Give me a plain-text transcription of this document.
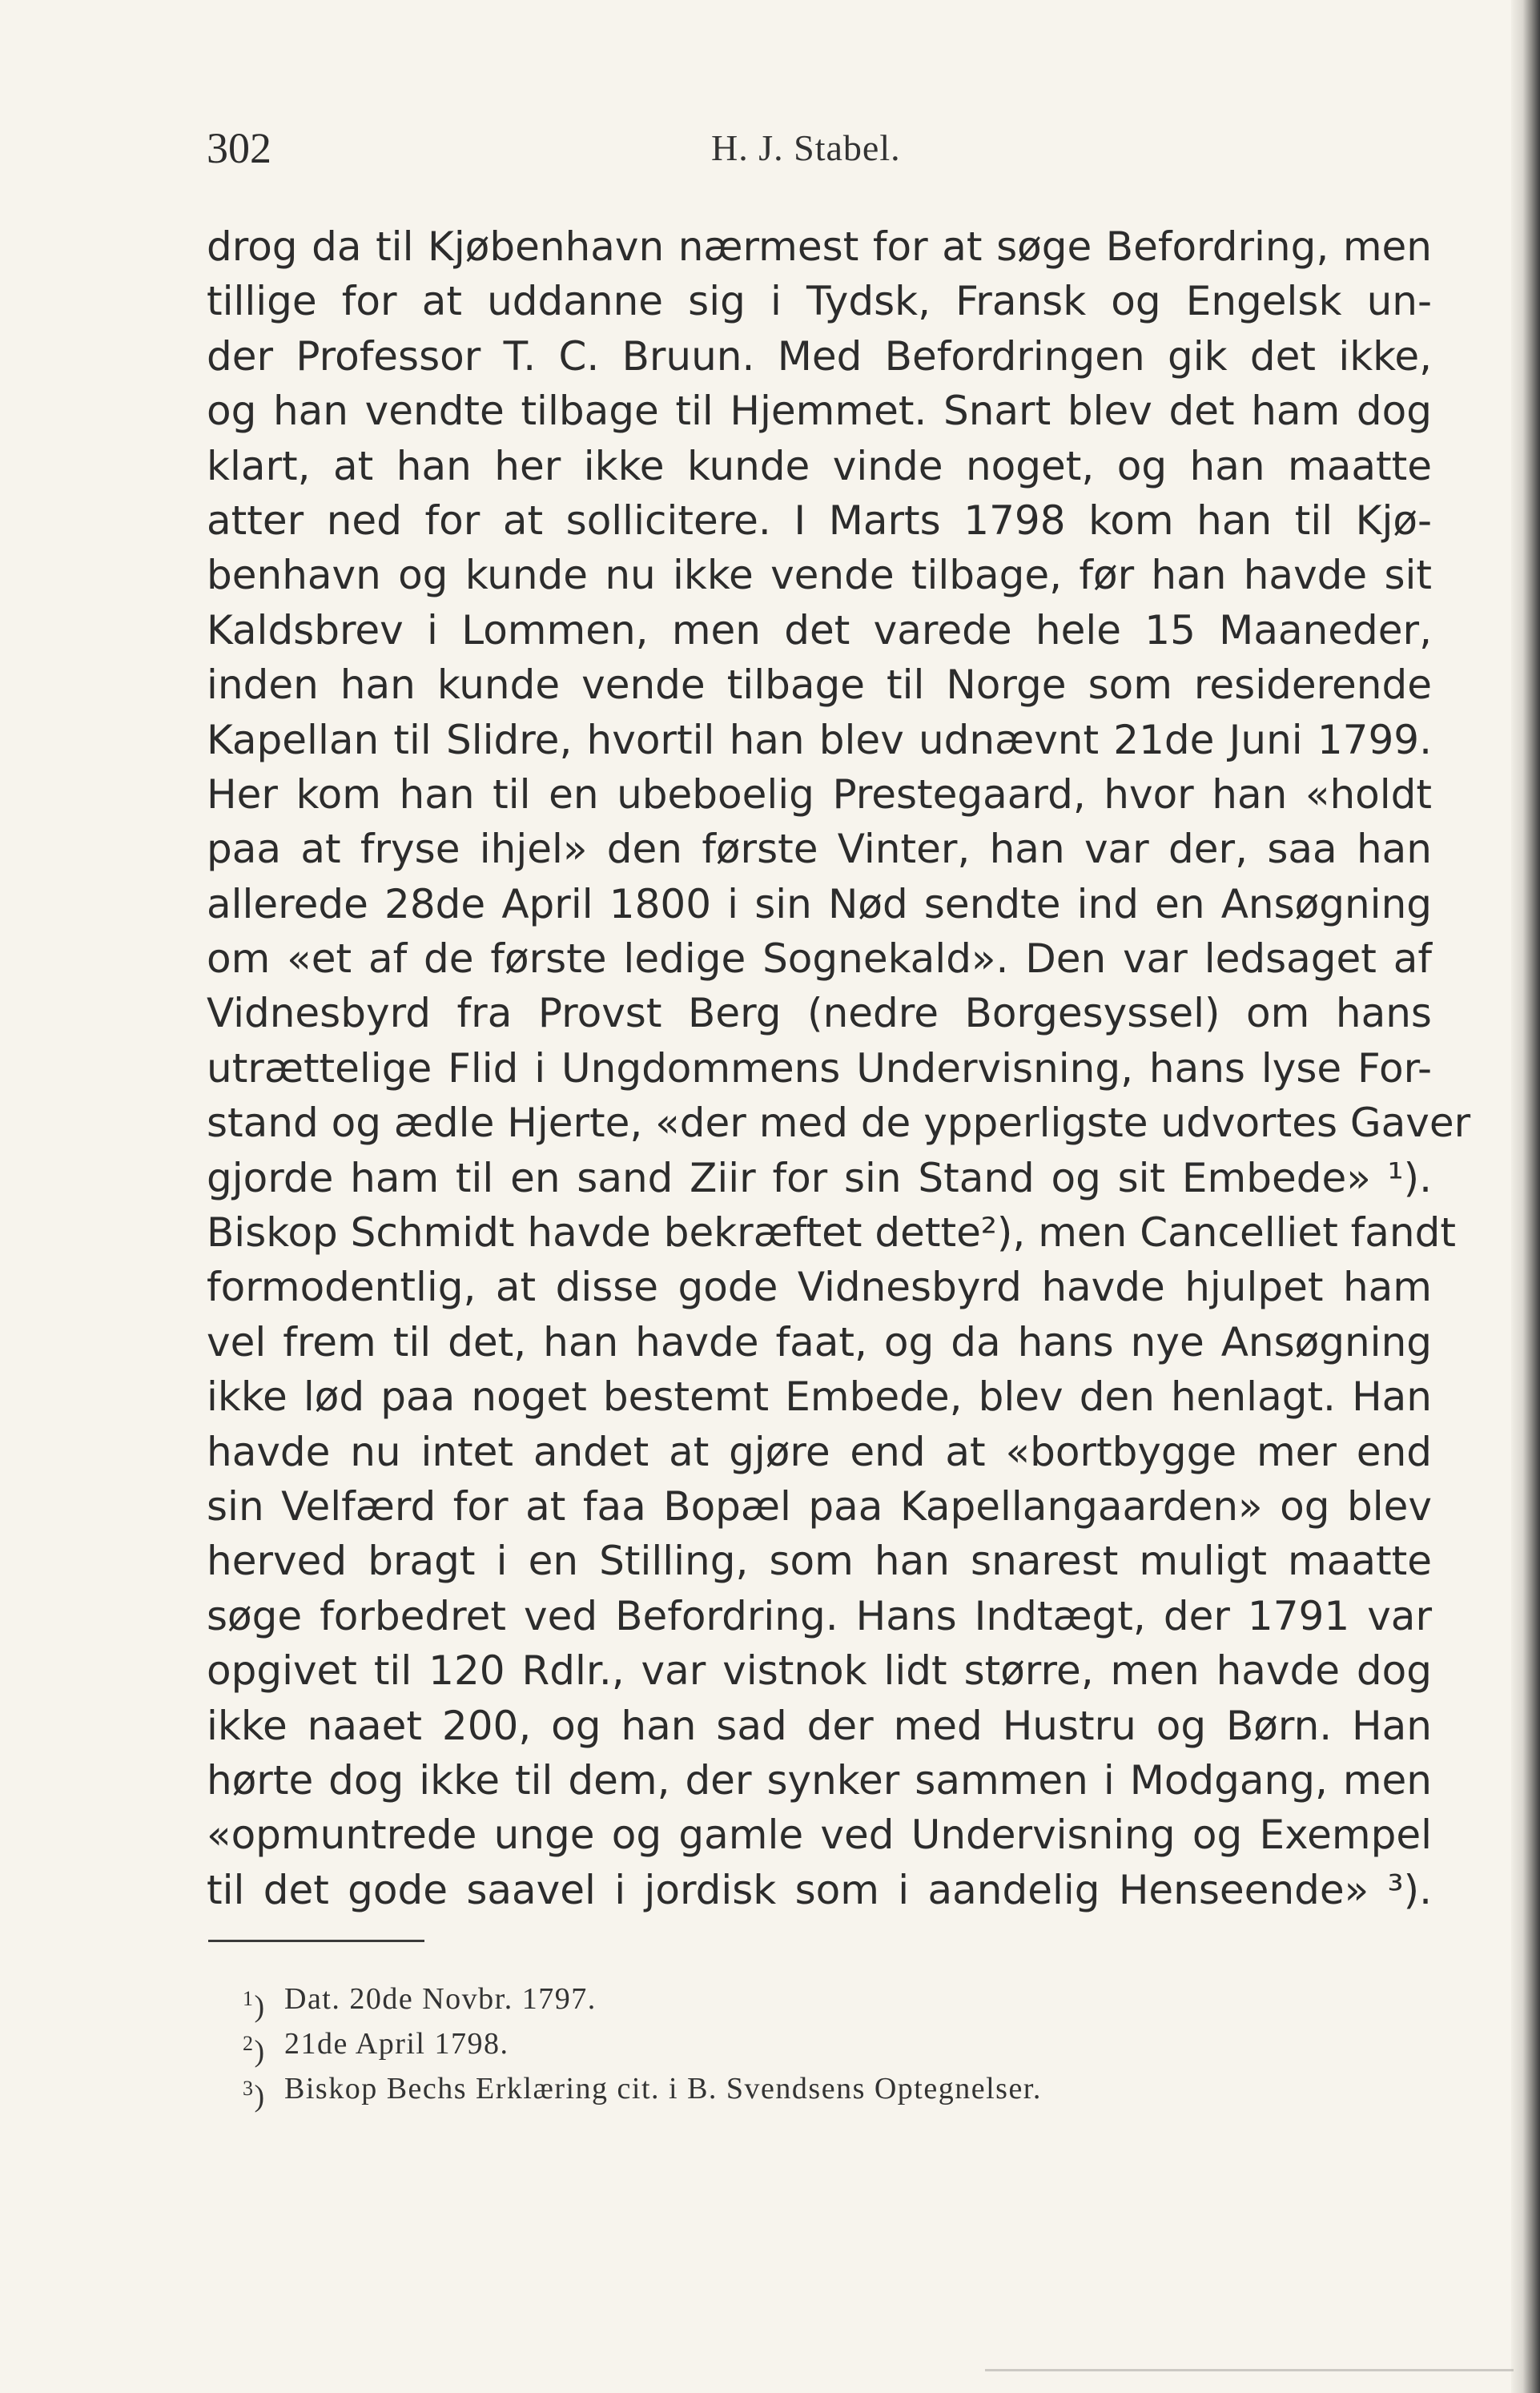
302	H. J. Stabel.
drog da til Kjøbenhavn nærmest for at søge Befordring, men
tillige for at uddanne sig i Tydsk, Fransk og Engelsk un-
der Professor T. C. Bruun. Med Befordringen gik det ikke,
og han vendte tilbage til Hjemmet. Snart blev det ham dog
klart, at han her ikke kunde vinde noget, og han maatte
atter ned for at sollicitere. I Marts 1798 kom han til Kjø-
benhavn og kunde nu ikke vende tilbage, før han havde sit
Kaldsbrev i Lommen, men det varede hele 15 Maaneder,
inden han kunde vende tilbage til Norge som residerende
Kapellan til Slidre, hvortil han blev udnævnt 21de Juni 1799.
Her kom han til en ubeboelig Prestegaard, hvor han «holdt
paa at fryse ihjel» den første Vinter, han var der, saa han
allerede 28de April 1800 i sin Nød sendte ind en Ansøgning
om «et af de første ledige Sognekald». Den var ledsaget af
Vidnesbyrd fra Provst Berg (nedre Borgesyssel) om hans
utrættelige Flid i Ungdommens Undervisning, hans lyse For-
stand og ædle Hjerte, «der med de ypperligste udvortes Gaver
gjorde ham til en sand Ziir for sin Stand og sit Embede» ¹).
Biskop Schmidt havde bekræftet dette²), men Cancelliet fandt
formodentlig, at disse gode Vidnesbyrd havde hjulpet ham
vel frem til det, han havde faat, og da hans nye Ansøgning
ikke lød paa noget bestemt Embede, blev den henlagt. Han
havde nu intet andet at gjøre end at «bortbygge mer end
sin Velfærd for at faa Bopæl paa Kapellangaarden» og blev
herved bragt i en Stilling, som han snarest muligt maatte
søge forbedret ved Befordring. Hans Indtægt, der 1791 var
opgivet til 120 Rdlr., var vistnok lidt større, men havde dog
ikke naaet 200, og han sad der med Hustru og Børn. Han
hørte dog ikke til dem, der synker sammen i Modgang, men
«opmuntrede unge og gamle ved Undervisning og Exempel
til det gode saavel i jordisk som i aandelig Henseende» ³).
$^1$) Dat. 20de Novbr. 1797.
$^2$) 21de April 1798.
$^3$) Biskop Bechs Erklæring cit. i B. Svendsens Optegnelser.
